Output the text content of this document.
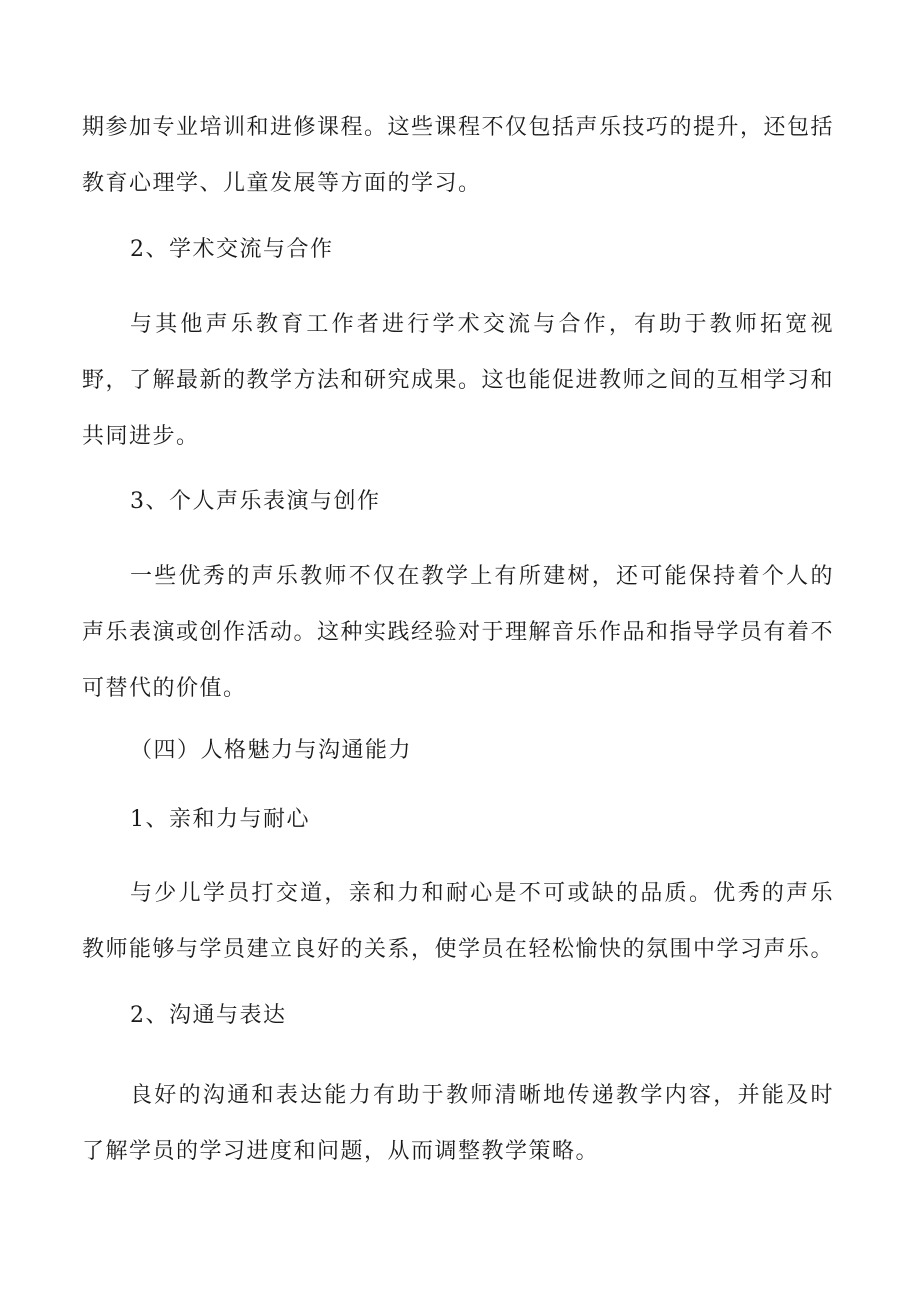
期参加专业培训和进修课程。这些课程不仅包括声乐技巧的提升，还包括教育心理学、儿童发展等方面的学习。

2、学术交流与合作

与其他声乐教育工作者进行学术交流与合作，有助于教师拓宽视野，了解最新的教学方法和研究成果。这也能促进教师之间的互相学习和共同进步。

3、个人声乐表演与创作

一些优秀的声乐教师不仅在教学上有所建树，还可能保持着个人的声乐表演或创作活动。这种实践经验对于理解音乐作品和指导学员有着不可替代的价值。

（四）人格魅力与沟通能力

1、亲和力与耐心

与少儿学员打交道，亲和力和耐心是不可或缺的品质。优秀的声乐教师能够与学员建立良好的关系，使学员在轻松愉快的氛围中学习声乐。

2、沟通与表达

良好的沟通和表达能力有助于教师清晰地传递教学内容，并能及时了解学员的学习进度和问题，从而调整教学策略。
